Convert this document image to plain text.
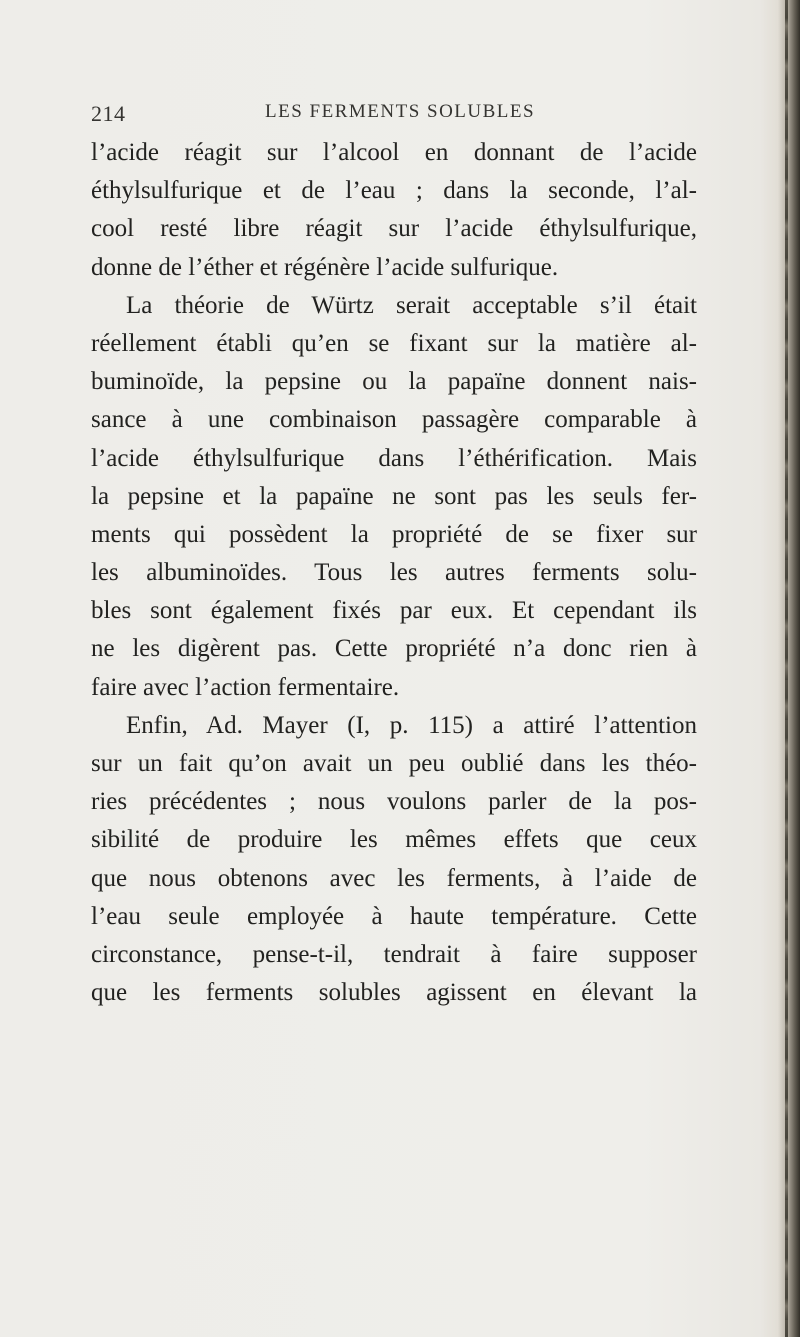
214	LES FERMENTS SOLUBLES
l’acide réagit sur l’alcool en donnant de l’acide
éthylsulfurique et de l’eau ; dans la seconde, l’al-
cool resté libre réagit sur l’acide éthylsulfurique,
donne de l’éther et régénère l’acide sulfurique.
La théorie de Würtz serait acceptable s’il était
réellement établi qu’en se fixant sur la matière al-
buminoïde, la pepsine ou la papaïne donnent nais-
sance à une combinaison passagère comparable à
l’acide éthylsulfurique dans l’éthérification. Mais
la pepsine et la papaïne ne sont pas les seuls fer-
ments qui possèdent la propriété de se fixer sur
les albuminoïdes. Tous les autres ferments solu-
bles sont également fixés par eux. Et cependant ils
ne les digèrent pas. Cette propriété n’a donc rien à
faire avec l’action fermentaire.
Enfin, Ad. Mayer (I, p. 115) a attiré l’attention
sur un fait qu’on avait un peu oublié dans les théo-
ries précédentes ; nous voulons parler de la pos-
sibilité de produire les mêmes effets que ceux
que nous obtenons avec les ferments, à l’aide de
l’eau seule employée à haute température. Cette
circonstance, pense-t-il, tendrait à faire supposer
que les ferments solubles agissent en élevant la
